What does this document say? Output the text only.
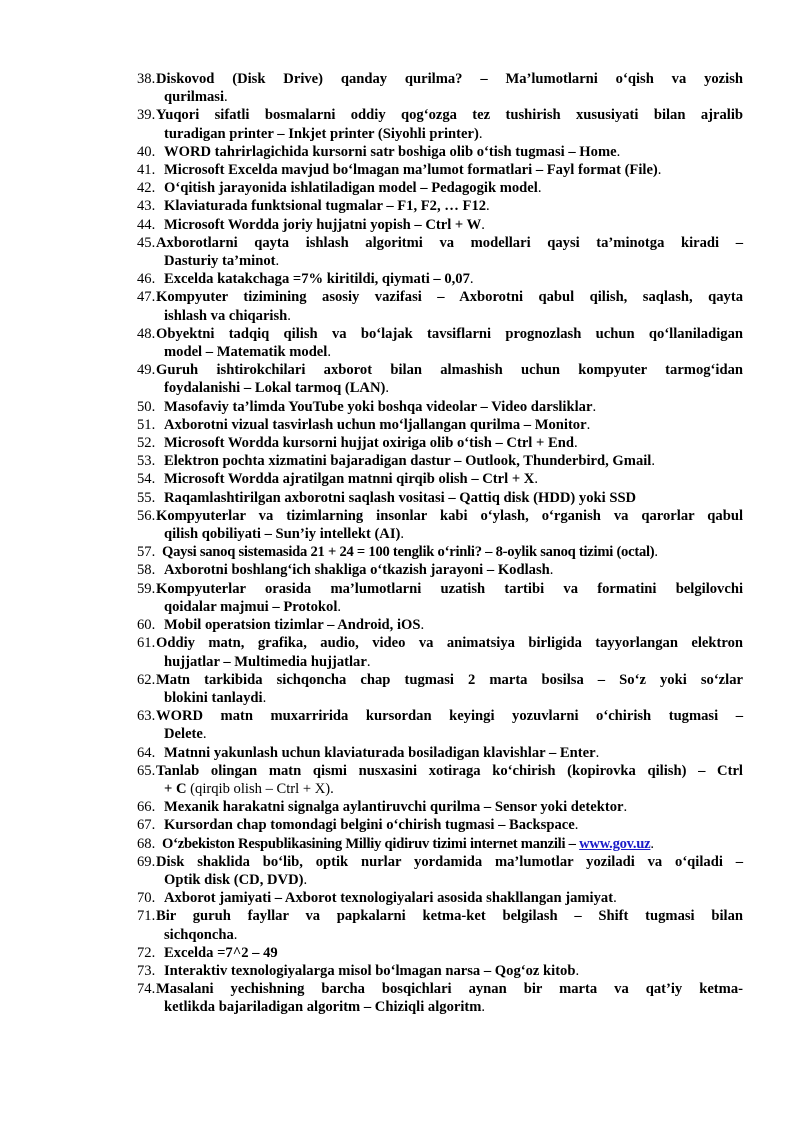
38. Diskovod (Disk Drive) qanday qurilma? – Ma’lumotlarni o‘qish va yozish
qurilmasi.
39. Yuqori sifatli bosmalarni oddiy qog‘ozga tez tushirish xususiyati bilan ajralib
turadigan printer – Inkjet printer (Siyohli printer).
40. WORD tahrirlagichida kursorni satr boshiga olib o‘tish tugmasi – Home.
41. Microsoft Excelda mavjud bo‘lmagan ma’lumot formatlari – Fayl format (File).
42. O‘qitish jarayonida ishlatiladigan model – Pedagogik model.
43. Klaviaturada funktsional tugmalar – F1, F2, … F12.
44. Microsoft Wordda joriy hujjatni yopish – Ctrl + W.
45. Axborotlarni qayta ishlash algoritmi va modellari qaysi ta’minotga kiradi –
Dasturiy ta’minot.
46. Excelda katakchaga =7% kiritildi, qiymati – 0,07.
47. Kompyuter tizimining asosiy vazifasi – Axborotni qabul qilish, saqlash, qayta
ishlash va chiqarish.
48. Obyektni tadqiq qilish va bo‘lajak tavsiflarni prognozlash uchun qo‘llaniladigan
model – Matematik model.
49. Guruh ishtirokchilari axborot bilan almashish uchun kompyuter tarmog‘idan
foydalanishi – Lokal tarmoq (LAN).
50. Masofaviy ta’limda YouTube yoki boshqa videolar – Video darsliklar.
51. Axborotni vizual tasvirlash uchun mo‘ljallangan qurilma – Monitor.
52. Microsoft Wordda kursorni hujjat oxiriga olib o‘tish – Ctrl + End.
53. Elektron pochta xizmatini bajaradigan dastur – Outlook, Thunderbird, Gmail.
54. Microsoft Wordda ajratilgan matnni qirqib olish – Ctrl + X.
55. Raqamlashtirilgan axborotni saqlash vositasi – Qattiq disk (HDD) yoki SSD
56. Kompyuterlar va tizimlarning insonlar kabi o‘ylash, o‘rganish va qarorlar qabul
qilish qobiliyati – Sun’iy intellekt (AI).
57. Qaysi sanoq sistemasida 21 + 24 = 100 tenglik o‘rinli? – 8-oylik sanoq tizimi (octal).
58. Axborotni boshlang‘ich shakliga o‘tkazish jarayoni – Kodlash.
59. Kompyuterlar orasida ma’lumotlarni uzatish tartibi va formatini belgilovchi
qoidalar majmui – Protokol.
60. Mobil operatsion tizimlar – Android, iOS.
61. Oddiy matn, grafika, audio, video va animatsiya birligida tayyorlangan elektron
hujjatlar – Multimedia hujjatlar.
62. Matn tarkibida sichqoncha chap tugmasi 2 marta bosilsa – So‘z yoki so‘zlar
blokini tanlaydi.
63. WORD matn muxarririda kursordan keyingi yozuvlarni o‘chirish tugmasi –
Delete.
64. Matnni yakunlash uchun klaviaturada bosiladigan klavishlar – Enter.
65. Tanlab olingan matn qismi nusxasini xotiraga ko‘chirish (kopirovka qilish) – Ctrl
+ C (qirqib olish – Ctrl + X).
66. Mexanik harakatni signalga aylantiruvchi qurilma – Sensor yoki detektor.
67. Kursordan chap tomondagi belgini o‘chirish tugmasi – Backspace.
68. O‘zbekiston Respublikasining Milliy qidiruv tizimi internet manzili – www.gov.uz.
69. Disk shaklida bo‘lib, optik nurlar yordamida ma’lumotlar yoziladi va o‘qiladi –
Optik disk (CD, DVD).
70. Axborot jamiyati – Axborot texnologiyalari asosida shakllangan jamiyat.
71. Bir guruh fayllar va papkalarni ketma-ket belgilash – Shift tugmasi bilan
sichqoncha.
72. Excelda =7^2 – 49
73. Interaktiv texnologiyalarga misol bo‘lmagan narsa – Qog‘oz kitob.
74. Masalani yechishning barcha bosqichlari aynan bir marta va qat’iy ketma-
ketlikda bajariladigan algoritm – Chiziqli algoritm.
